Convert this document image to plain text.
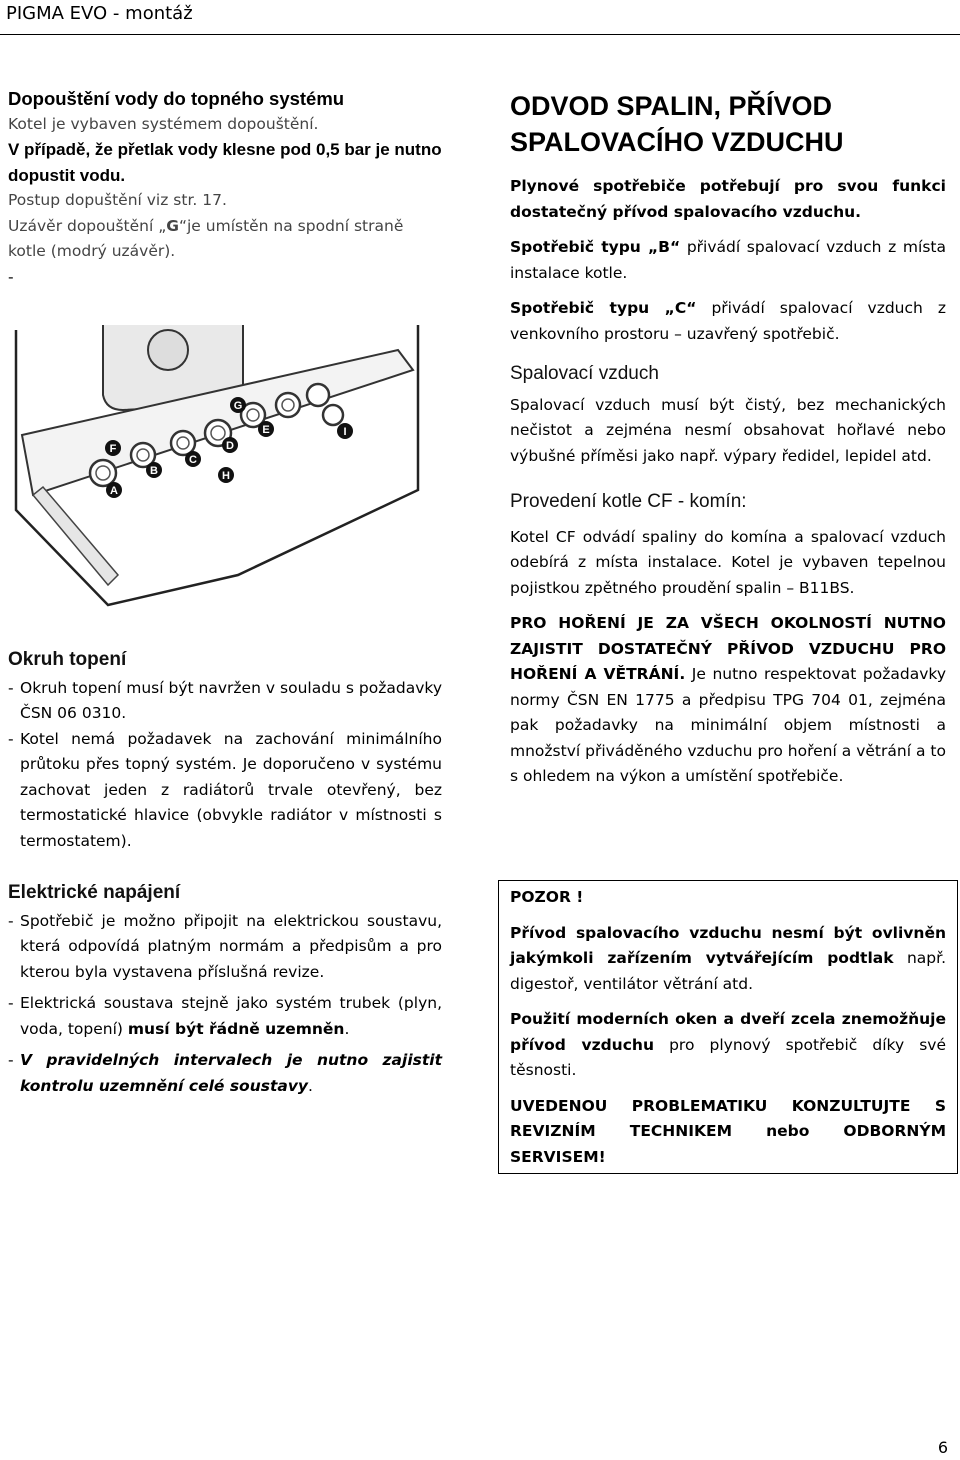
PIGMA EVO - montáž

Dopouštění vody do topného systému

Kotel je vybaven systémem dopouštění.

V případě, že přetlak vody klesne pod 0,5 bar je nutno dopustit vodu.

Postup dopuštění viz str. 17.

Uzávěr dopouštění „G“je umístěn na spodní straně kotle (modrý uzávěr).

-

A
B
C
D
E
F
G
H
I

Okruh topení

- Okruh topení musí být navržen v souladu s požadavky ČSN 06 0310.
- Kotel nemá požadavek na zachování minimálního průtoku přes topný systém. Je doporučeno v systému zachovat jeden z radiátorů trvale otevřený, bez termostatické hlavice (obvykle radiátor v místnosti s termostatem).

Elektrické napájení

- Spotřebič je možno připojit na elektrickou soustavu, která odpovídá platným normám a předpisům a pro kterou byla vystavena příslušná revize.
- Elektrická soustava stejně jako systém trubek (plyn, voda, topení) musí být řádně uzemněn.
- V pravidelných intervalech je nutno zajistit kontrolu uzemnění celé soustavy.

ODVOD SPALIN, PŘÍVOD SPALOVACÍHO VZDUCHU

Plynové spotřebiče potřebují pro svou funkci dostatečný přívod spalovacího vzduchu.

Spotřebič typu „B“ přivádí spalovací vzduch z místa instalace kotle.

Spotřebič typu „C“ přivádí spalovací vzduch z venkovního prostoru – uzavřený spotřebič.

Spalovací vzduch

Spalovací vzduch musí být čistý, bez mechanických nečistot a zejména nesmí obsahovat hořlavé nebo výbušné příměsi jako např. výpary ředidel, lepidel atd.

Provedení kotle CF - komín:

Kotel CF odvádí spaliny do komína a spalovací vzduch odebírá z místa instalace. Kotel je vybaven tepelnou pojistkou zpětného proudění spalin – B11BS.

PRO HOŘENÍ JE ZA VŠECH OKOLNOSTÍ NUTNO ZAJISTIT DOSTATEČNÝ PŘÍVOD VZDUCHU PRO HOŘENÍ A VĚTRÁNÍ. Je nutno respektovat požadavky normy ČSN EN 1775 a předpisu TPG 704 01, zejména pak požadavky na minimální objem místnosti a množství přiváděného vzduchu pro hoření a větrání a to s ohledem na výkon a umístění spotřebiče.

POZOR !

Přívod spalovacího vzduchu nesmí být ovlivněn jakýmkoli zařízením vytvářejícím podtlak např. digestoř, ventilátor větrání atd.

Použití moderních oken a dveří zcela znemožňuje přívod vzduchu pro plynový spotřebič díky své těsnosti.

UVEDENOU PROBLEMATIKU KONZULTUJTE S REVIZNÍM TECHNIKEM nebo ODBORNÝM SERVISEM!

6
